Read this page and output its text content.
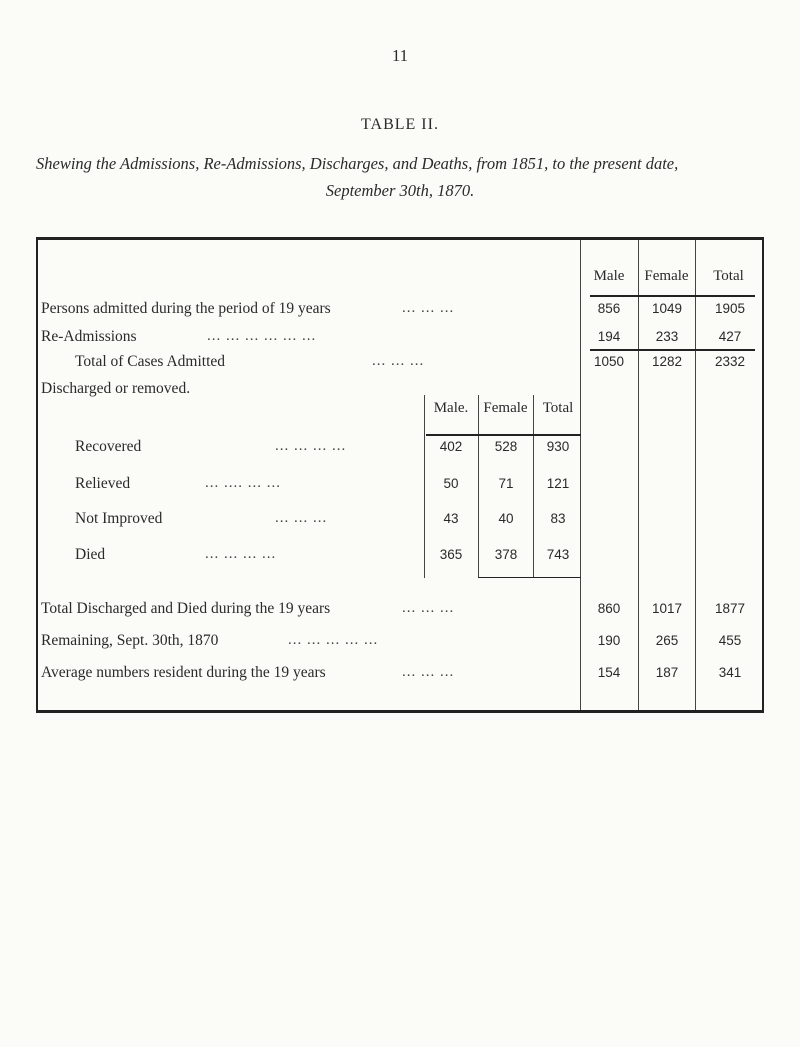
11
TABLE II.
Shewing the Admissions, Re-Admissions, Discharges, and Deaths, from 1851, to the present date,
September 30th, 1870.
Male	Female	Total
Persons admitted during the period of 19 years	... ... ...	856	1049	1905
Re-Admissions	... ... ... ... ... ...	194	233	427
Total of Cases Admitted	... ... ...	1050	1282	2332
Discharged or removed.
Male.	Female	Total
Recovered	... ... ... ...	402	528	930
Relieved	... .... ... ...	50	71	121
Not Improved	... ... ...	43	40	83
Died	... ... ... ...	365	378	743
Total Discharged and Died during the 19 years	... ... ...	860	1017	1877
Remaining, Sept. 30th, 1870	... ... ... ... ...	190	265	455
Average numbers resident during the 19 years	... ... ...	154	187	341
